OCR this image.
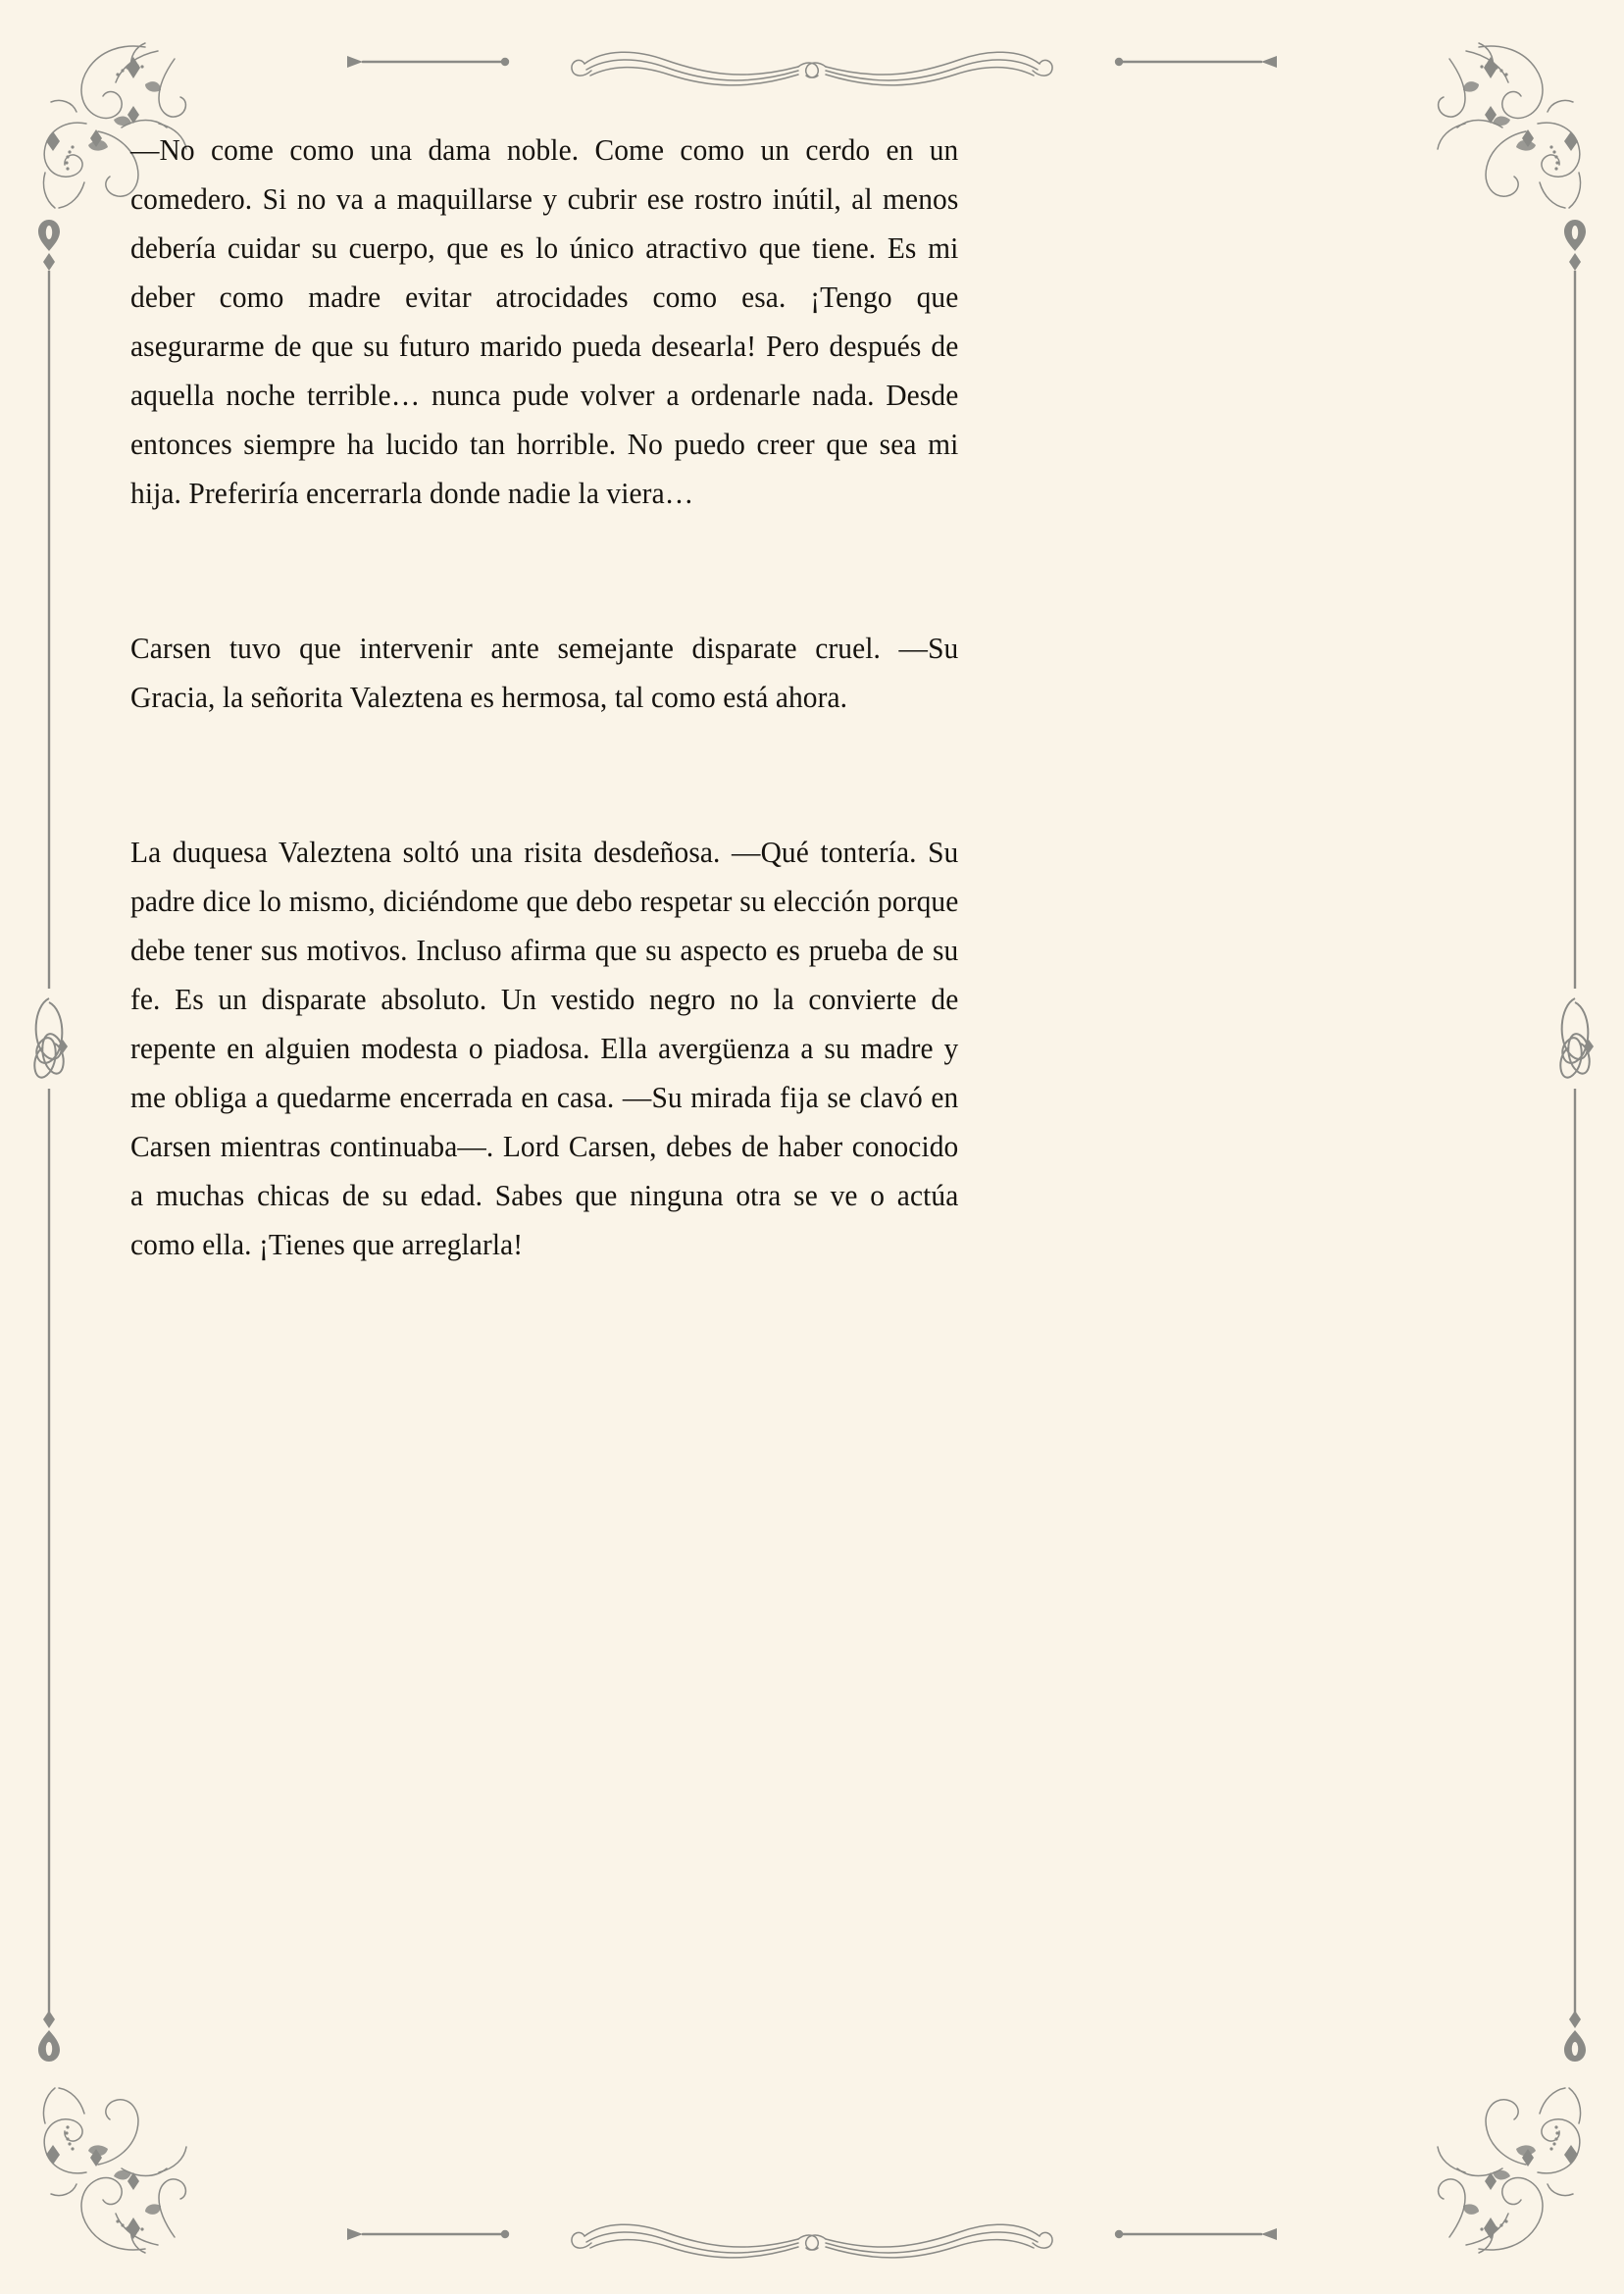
—No come como una dama noble. Come como un cerdo en un comedero. Si no va a maquillarse y cubrir ese rostro inútil, al menos debería cuidar su cuerpo, que es lo único atractivo que tiene. Es mi deber como madre evitar atrocidades como esa. ¡Tengo que asegurarme de que su futuro marido pueda desearla! Pero después de aquella noche terrible… nunca pude volver a ordenarle nada. Desde entonces siempre ha lucido tan horrible. No puedo creer que sea mi hija. Preferiría encerrarla donde nadie la viera…

Carsen tuvo que intervenir ante semejante disparate cruel. —Su Gracia, la señorita Valeztena es hermosa, tal como está ahora.

La duquesa Valeztena soltó una risita desdeñosa. —Qué tontería. Su padre dice lo mismo, diciéndome que debo respetar su elección porque debe tener sus motivos. Incluso afirma que su aspecto es prueba de su fe. Es un disparate absoluto. Un vestido negro no la convierte de repente en alguien modesta o piadosa. Ella avergüenza a su madre y me obliga a quedarme encerrada en casa. —Su mirada fija se clavó en Carsen mientras continuaba—. Lord Carsen, debes de haber conocido a muchas chicas de su edad. Sabes que ninguna otra se ve o actúa como ella. ¡Tienes que arreglarla!
